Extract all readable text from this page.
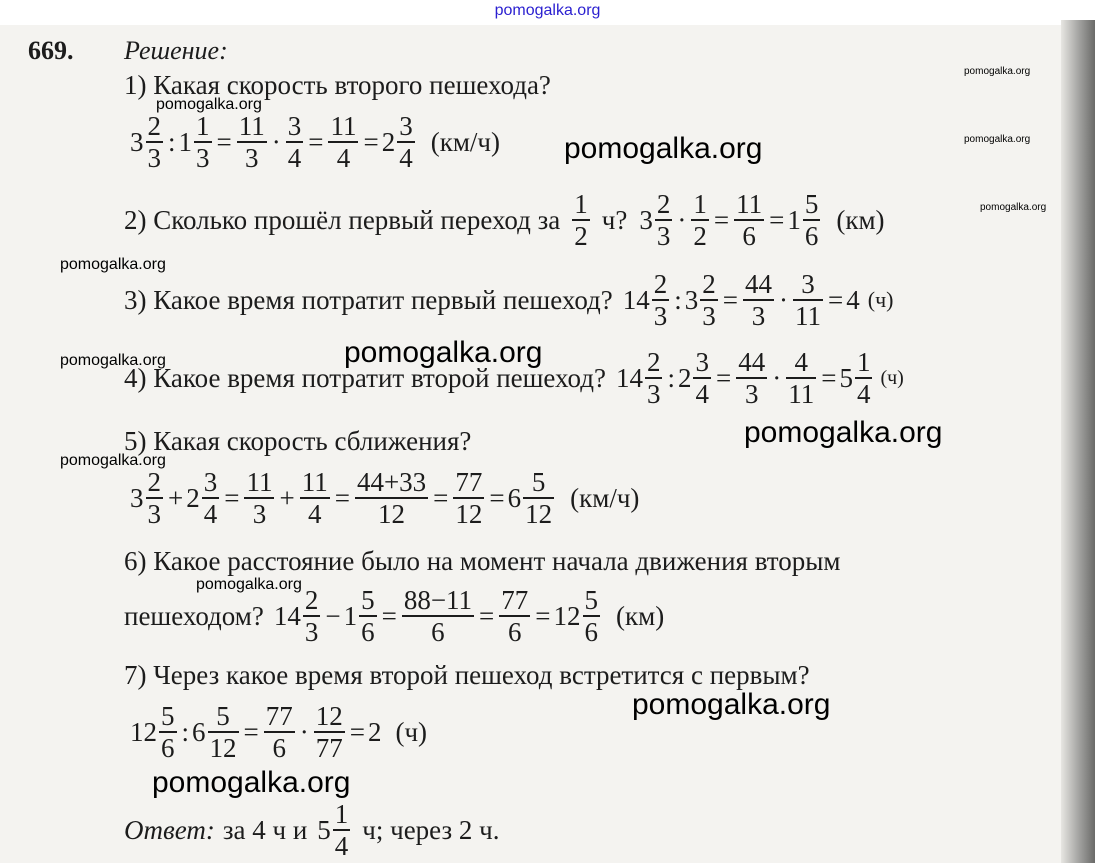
pomogalka.org
669. Решение:
1) Какая скорость второго пешехода?
$3 \frac{2}{3}$ : $1 \frac{1}{3} = \frac{11}{3} \cdot \frac{3}{4} = \frac{11}{4} = 2 \frac{3}{4} (км/ч)$
2) Сколько прошёл первый переход за $\frac{1}{2} ч$? $3 \frac{2}{3} \cdot \frac{1}{2} = \frac{11}{6} = 1 \frac{5}{6} (км)$
3) Какое время потратит первый пешеход? $14 \frac{2}{3}$ : $3 \frac{2}{3} = \frac{44}{3} \cdot \frac{3}{11} = 4$ (ч)
4) Какое время потратит второй пешеход? $14 \frac{2}{3}$ : $2 \frac{3}{4} = \frac{44}{3} \cdot \frac{4}{11} = 5 \frac{1}{4} (ч)$
5) Какая скорость сближения?
$3 \frac{2}{3} + 2 \frac{3}{4} = \frac{11}{3} + \frac{11}{4} = \frac{44+33}{12} = \frac{77}{12} = 6 \frac{5}{12} (км/ч)$
6) Какое расстояние было на момент начала движения вторым
пешеходом? $14 \frac{2}{3} - 1 \frac{5}{6} = \frac{88-11}{6} = \frac{77}{6} = 12 \frac{5}{6} (км)$
7) Через какое время второй пешеход встретится с первым?
$12 \frac{5}{6}$ : $6 \frac{5}{12} = \frac{77}{6} \cdot \frac{12}{77} = 2$ (ч)
Ответ: за 4 ч и $5 \frac{1}{4} ч$; через 2 ч.
pomogalka.org
pomogalka.org
pomogalka.org
pomogalka.org
pomogalka.org
pomogalka.org
pomogalka.org
pomogalka.org
pomogalka.org
pomogalka.org
pomogalka.org
pomogalka.org
pomogalka.org
